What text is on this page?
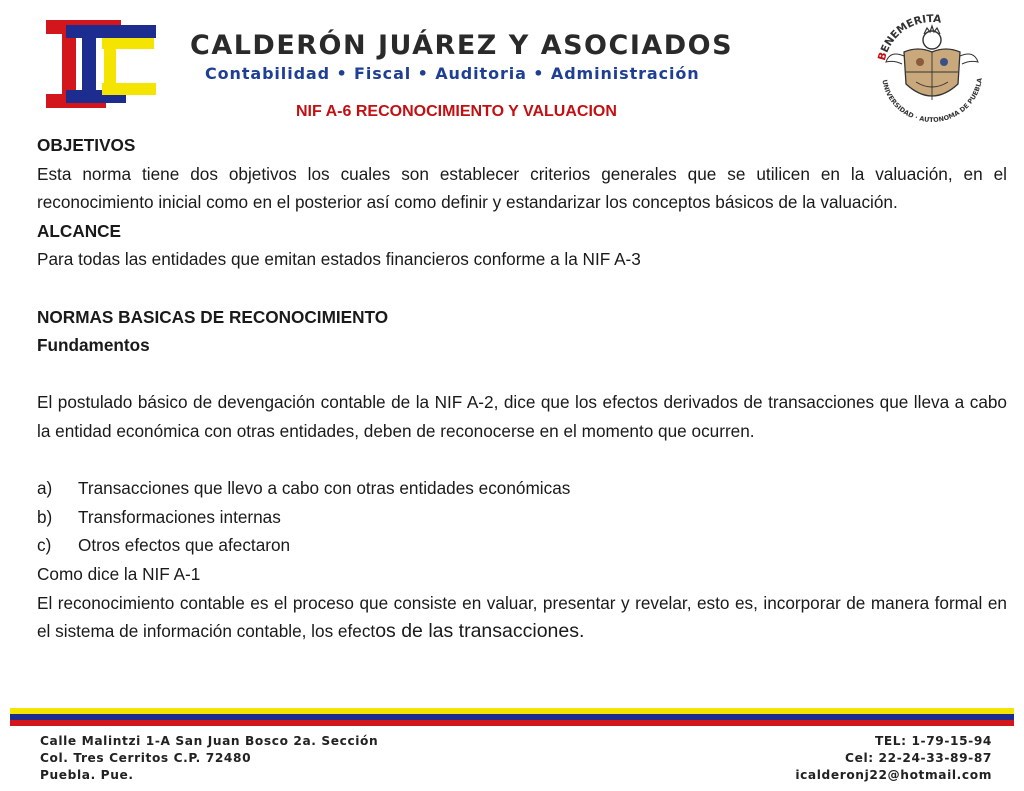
CALDERÓN JUÁREZ Y ASOCIADOS
Contabilidad • Fiscal • Auditoria • Administración
NIF A-6 RECONOCIMIENTO Y VALUACION
BENEMERITA
UNIVERSIDAD · AUTONOMA DE PUEBLA

OBJETIVOS

Esta norma tiene dos objetivos los cuales son establecer criterios generales que se utilicen en la valuación, en el reconocimiento inicial como en el posterior así como definir y estandarizar los conceptos básicos de la valuación.

ALCANCE

Para todas las entidades que emitan estados financieros conforme a la NIF A-3

NORMAS BASICAS DE RECONOCIMIENTO

Fundamentos

El postulado básico de devengación contable de la NIF A-2, dice que los efectos derivados de transacciones que lleva a cabo la entidad económica con otras entidades, deben de reconocerse en el momento que ocurren.

a)	Transacciones que llevo a cabo con otras entidades económicas
b)	Transformaciones internas
c)	Otros efectos que afectaron

Como dice la NIF A-1

El reconocimiento contable es el proceso que consiste en valuar, presentar y revelar, esto es, incorporar de manera formal en el sistema de información contable, los efectos de las transacciones.

Calle Malintzi 1-A San Juan Bosco 2a. Sección
Col. Tres Cerritos C.P. 72480
Puebla. Pue.
TEL: 1-79-15-94
Cel: 22-24-33-89-87
icalderonj22@hotmail.com
